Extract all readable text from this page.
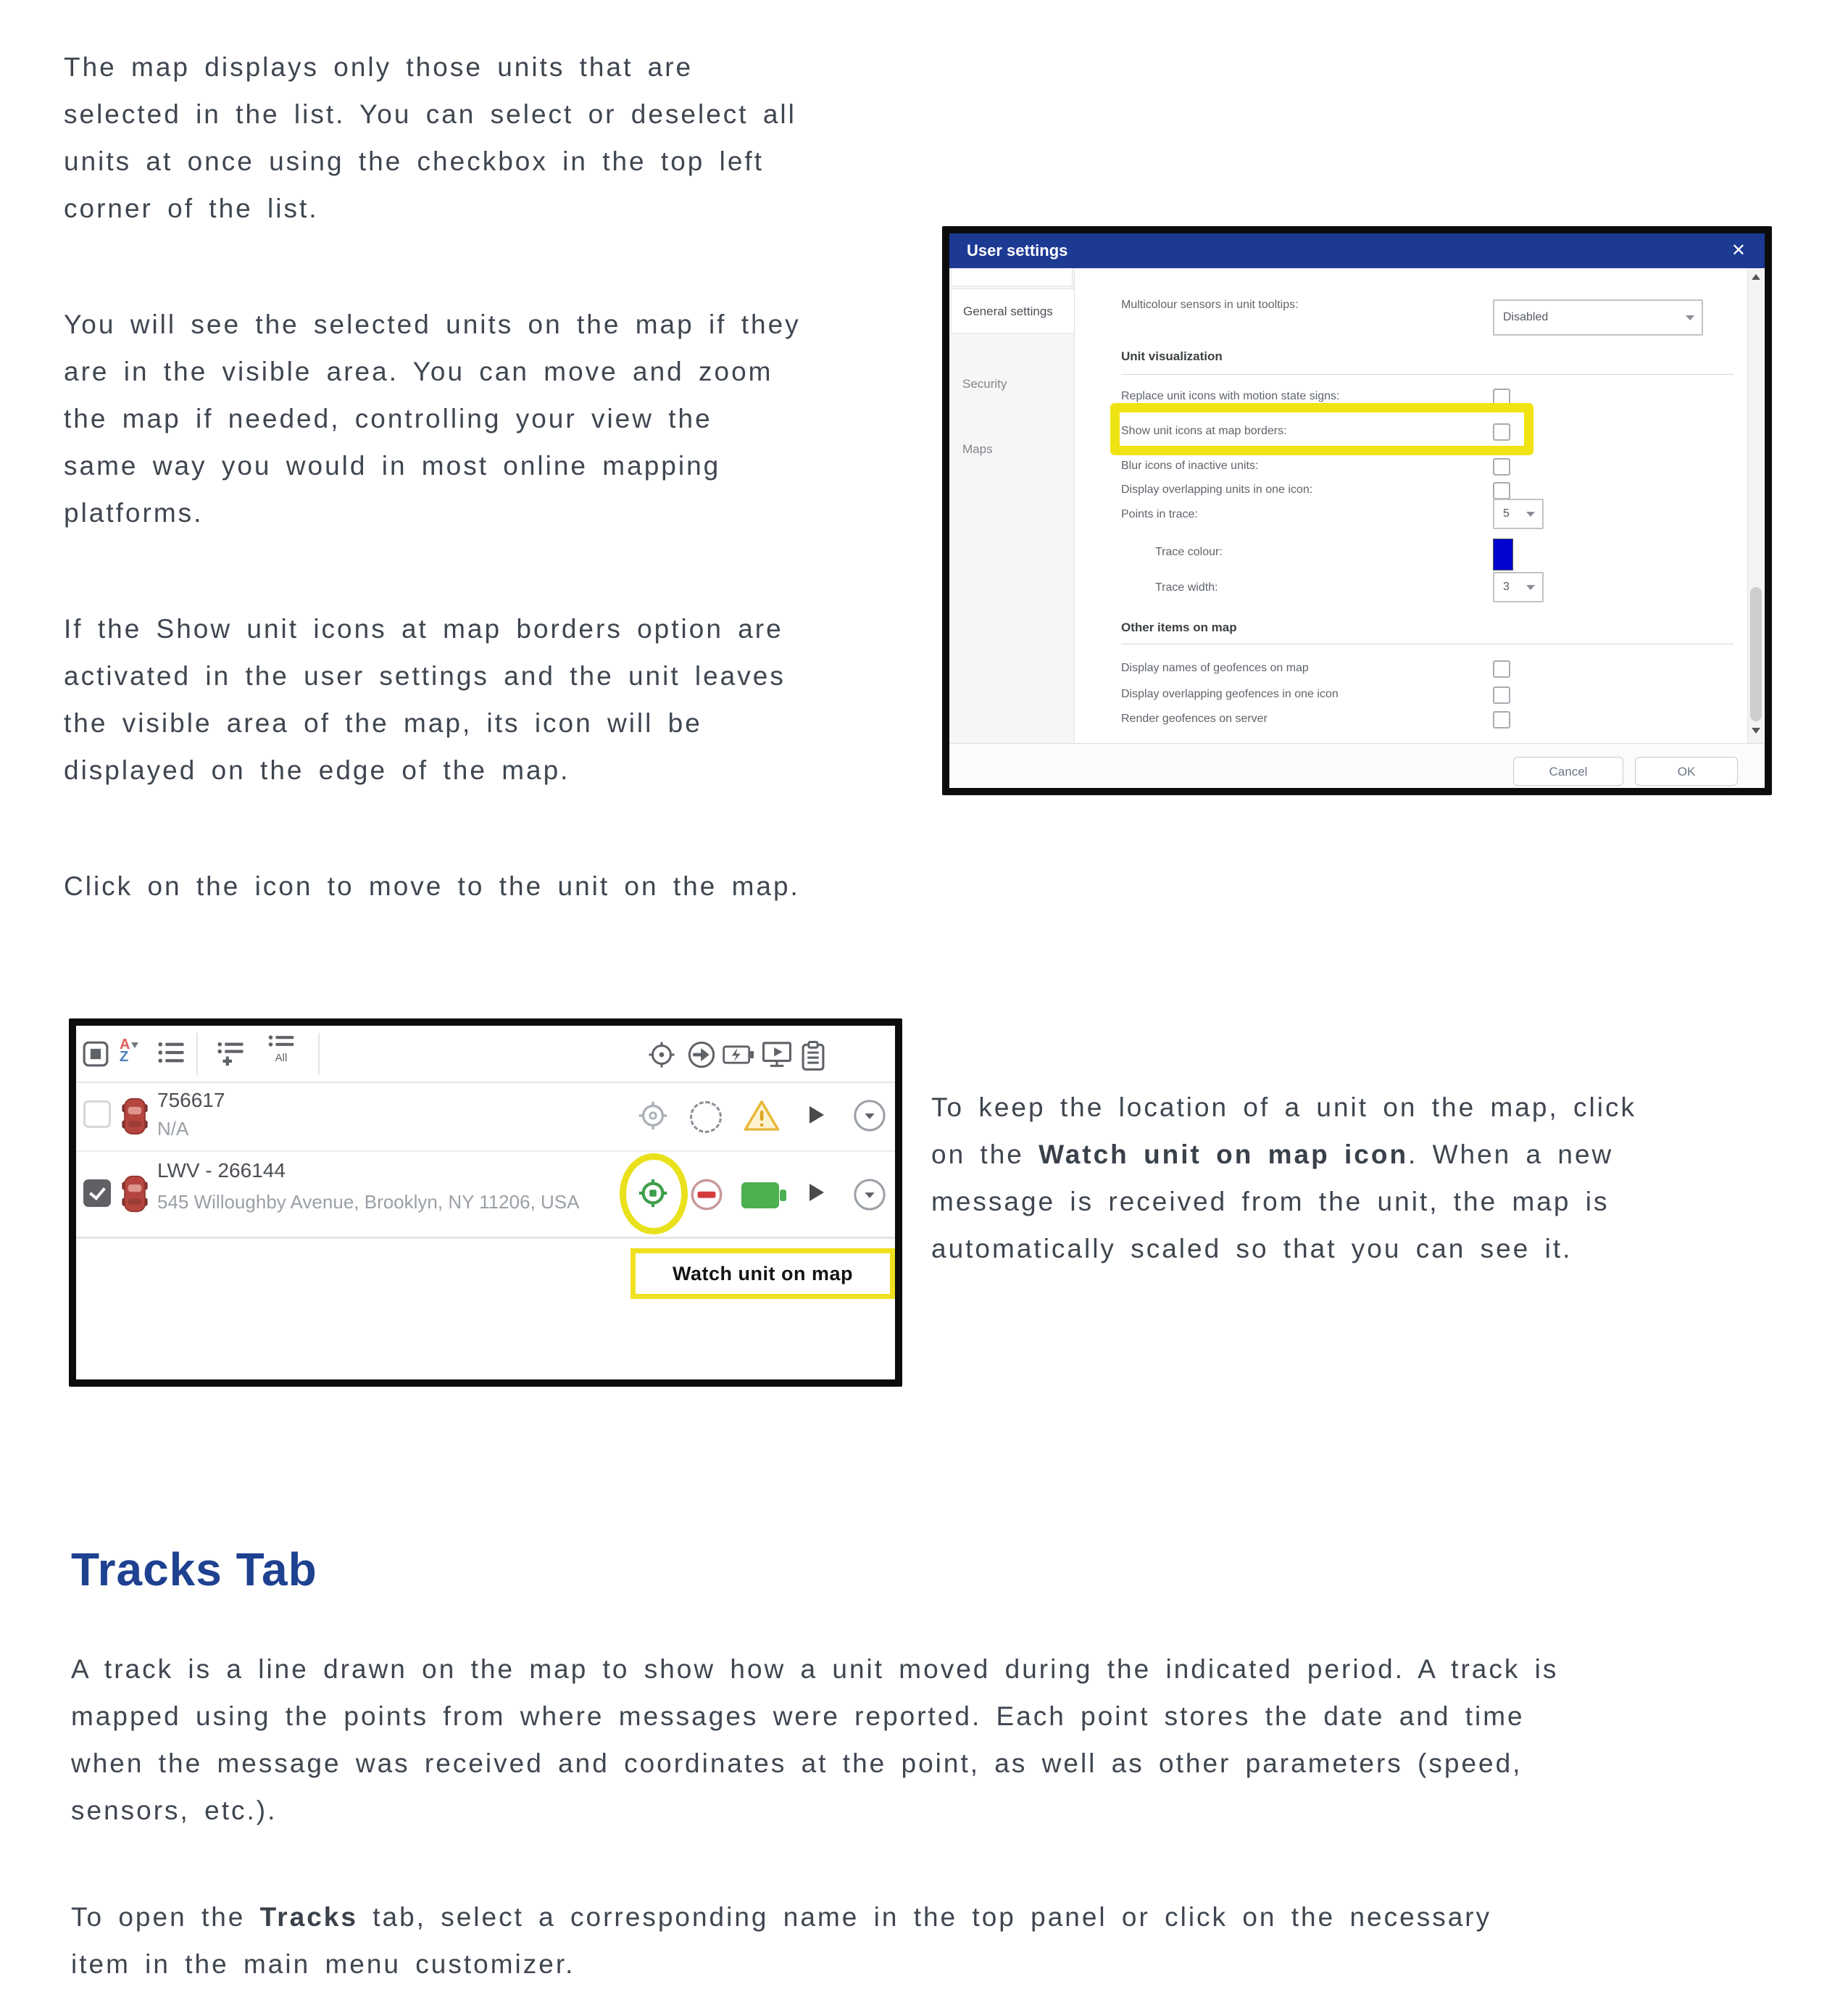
The map displays only those units that are
selected in the list. You can select or deselect all
units at once using the checkbox in the top left
corner of the list.

You will see the selected units on the map if they
are in the visible area. You can move and zoom
the map if needed, controlling your view the
same way you would in most online mapping
platforms.

If the Show unit icons at map borders option are
activated in the user settings and the unit leaves
the visible area of the map, its icon will be
displayed on the edge of the map.

Click on the icon to move to the unit on the map.

User settings	✕
General settings
Security
Maps
Multicolour sensors in unit tooltips:
Disabled
Unit visualization
Replace unit icons with motion state signs:
Show unit icons at map borders:
Blur icons of inactive units:
Display overlapping units in one icon:
Points in trace:	5
Trace colour:
Trace width:	3
Other items on map
Display names of geofences on map
Display overlapping geofences in one icon
Render geofences on server
Cancel	OK
A
Z	All
756617
N/A
LWV - 266144
545 Willoughby Avenue, Brooklyn, NY 11206, USA
Watch unit on map
To keep the location of a unit on the map, click
on the Watch unit on map icon. When a new
message is received from the unit, the map is
automatically scaled so that you can see it.
Tracks Tab
A track is a line drawn on the map to show how a unit moved during the indicated period. A track is
mapped using the points from where messages were reported. Each point stores the date and time
when the message was received and coordinates at the point, as well as other parameters (speed,
sensors, etc.).
To open the Tracks tab, select a corresponding name in the top panel or click on the necessary
item in the main menu customizer.
